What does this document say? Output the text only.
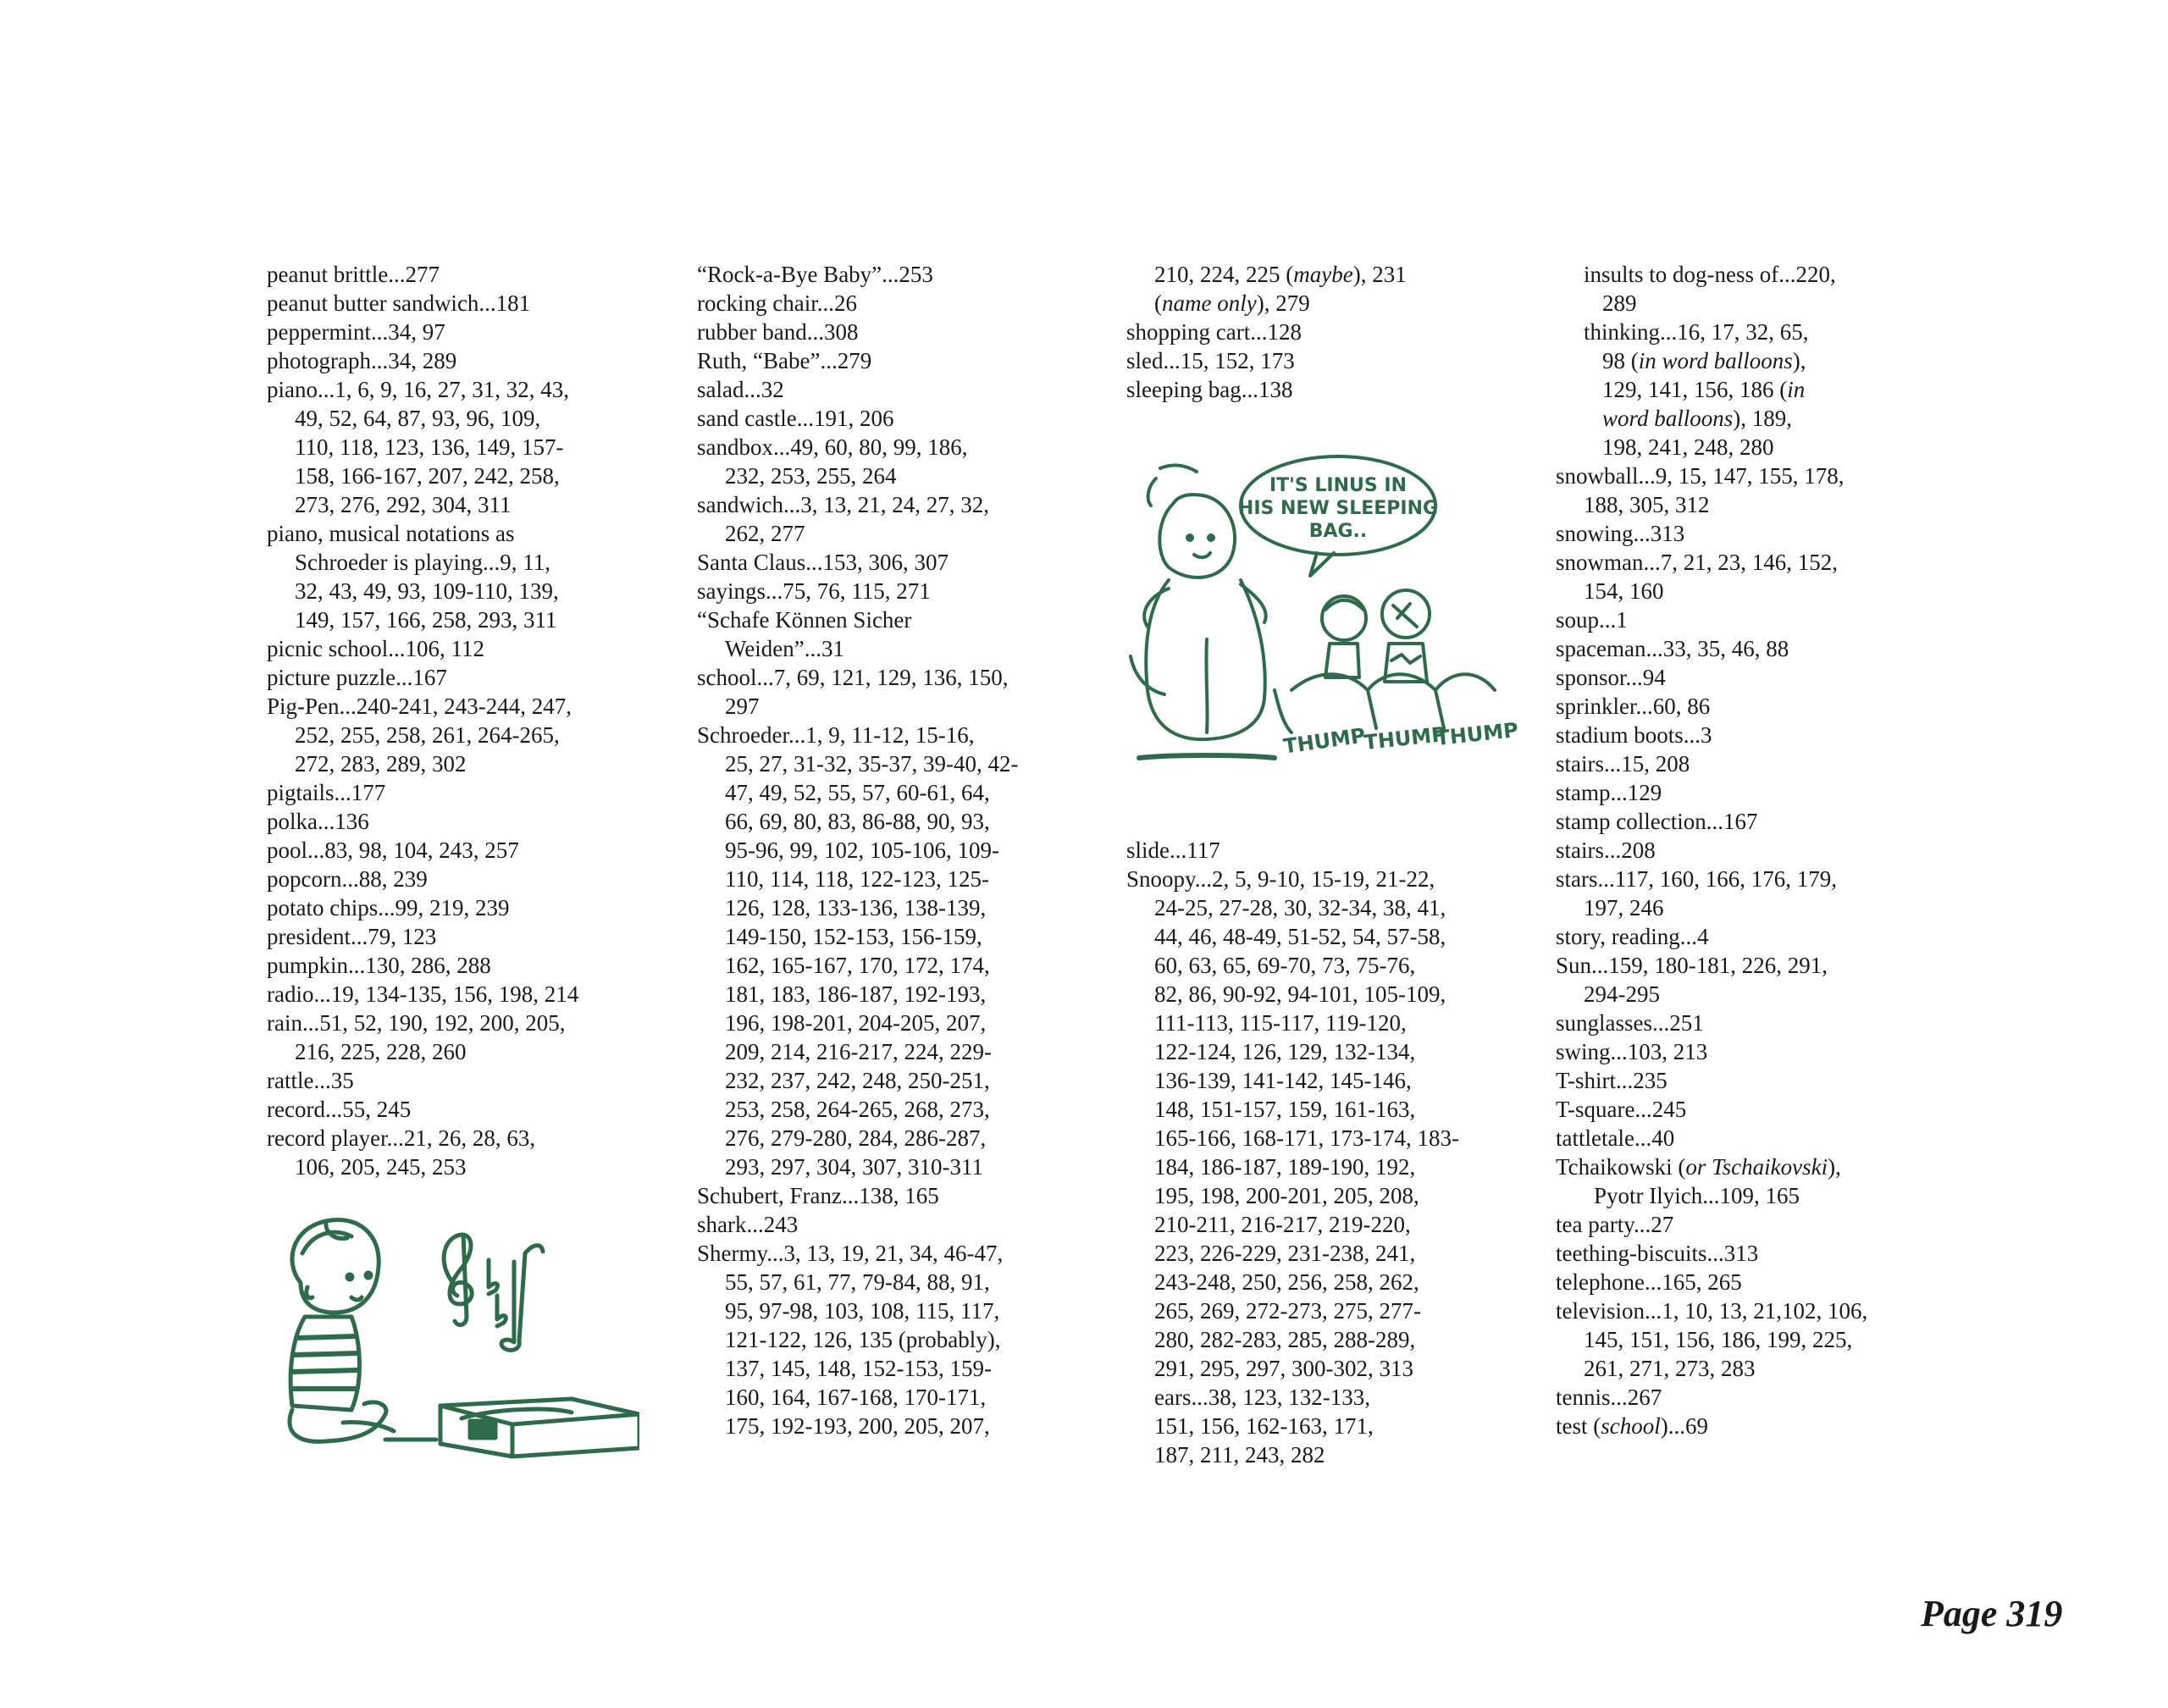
peanut brittle...277
peanut butter sandwich...181
peppermint...34, 97
photograph...34, 289
piano...1, 6, 9, 16, 27, 31, 32, 43,
49, 52, 64, 87, 93, 96, 109,
110, 118, 123, 136, 149, 157-
158, 166-167, 207, 242, 258,
273, 276, 292, 304, 311
piano, musical notations as
Schroeder is playing...9, 11,
32, 43, 49, 93, 109-110, 139,
149, 157, 166, 258, 293, 311
picnic school...106, 112
picture puzzle...167
Pig-Pen...240-241, 243-244, 247,
252, 255, 258, 261, 264-265,
272, 283, 289, 302
pigtails...177
polka...136
pool...83, 98, 104, 243, 257
popcorn...88, 239
potato chips...99, 219, 239
president...79, 123
pumpkin...130, 286, 288
radio...19, 134-135, 156, 198, 214
rain...51, 52, 190, 192, 200, 205,
216, 225, 228, 260
rattle...35
record...55, 245
record player...21, 26, 28, 63,
106, 205, 245, 253
“Rock-a-Bye Baby”...253
rocking chair...26
rubber band...308
Ruth, “Babe”...279
salad...32
sand castle...191, 206
sandbox...49, 60, 80, 99, 186,
232, 253, 255, 264
sandwich...3, 13, 21, 24, 27, 32,
262, 277
Santa Claus...153, 306, 307
sayings...75, 76, 115, 271
“Schafe Können Sicher
Weiden”...31
school...7, 69, 121, 129, 136, 150,
297
Schroeder...1, 9, 11-12, 15-16,
25, 27, 31-32, 35-37, 39-40, 42-
47, 49, 52, 55, 57, 60-61, 64,
66, 69, 80, 83, 86-88, 90, 93,
95-96, 99, 102, 105-106, 109-
110, 114, 118, 122-123, 125-
126, 128, 133-136, 138-139,
149-150, 152-153, 156-159,
162, 165-167, 170, 172, 174,
181, 183, 186-187, 192-193,
196, 198-201, 204-205, 207,
209, 214, 216-217, 224, 229-
232, 237, 242, 248, 250-251,
253, 258, 264-265, 268, 273,
276, 279-280, 284, 286-287,
293, 297, 304, 307, 310-311
Schubert, Franz...138, 165
shark...243
Shermy...3, 13, 19, 21, 34, 46-47,
55, 57, 61, 77, 79-84, 88, 91,
95, 97-98, 103, 108, 115, 117,
121-122, 126, 135 (probably),
137, 145, 148, 152-153, 159-
160, 164, 167-168, 170-171,
175, 192-193, 200, 205, 207,
210, 224, 225 (maybe), 231
(name only), 279
shopping cart...128
sled...15, 152, 173
sleeping bag...138
slide...117
Snoopy...2, 5, 9-10, 15-19, 21-22,
24-25, 27-28, 30, 32-34, 38, 41,
44, 46, 48-49, 51-52, 54, 57-58,
60, 63, 65, 69-70, 73, 75-76,
82, 86, 90-92, 94-101, 105-109,
111-113, 115-117, 119-120,
122-124, 126, 129, 132-134,
136-139, 141-142, 145-146,
148, 151-157, 159, 161-163,
165-166, 168-171, 173-174, 183-
184, 186-187, 189-190, 192,
195, 198, 200-201, 205, 208,
210-211, 216-217, 219-220,
223, 226-229, 231-238, 241,
243-248, 250, 256, 258, 262,
265, 269, 272-273, 275, 277-
280, 282-283, 285, 288-289,
291, 295, 297, 300-302, 313
ears...38, 123, 132-133,
151, 156, 162-163, 171,
187, 211, 243, 282
insults to dog-ness of...220,
289
thinking...16, 17, 32, 65,
98 (in word balloons),
129, 141, 156, 186 (in
word balloons), 189,
198, 241, 248, 280
snowball...9, 15, 147, 155, 178,
188, 305, 312
snowing...313
snowman...7, 21, 23, 146, 152,
154, 160
soup...1
spaceman...33, 35, 46, 88
sponsor...94
sprinkler...60, 86
stadium boots...3
stairs...15, 208
stamp...129
stamp collection...167
stairs...208
stars...117, 160, 166, 176, 179,
197, 246
story, reading...4
Sun...159, 180-181, 226, 291,
294-295
sunglasses...251
swing...103, 213
T-shirt...235
T-square...245
tattletale...40
Tchaikowski (or Tschaikovski),
Pyotr Ilyich...109, 165
tea party...27
teething-biscuits...313
telephone...165, 265
television...1, 10, 13, 21,102, 106,
145, 151, 156, 186, 199, 225,
261, 271, 273, 283
tennis...267
test (school)...69
IT'S LINUS IN
HIS NEW SLEEPING
BAG..
THUMP
THUMP
THUMP
Page 319
